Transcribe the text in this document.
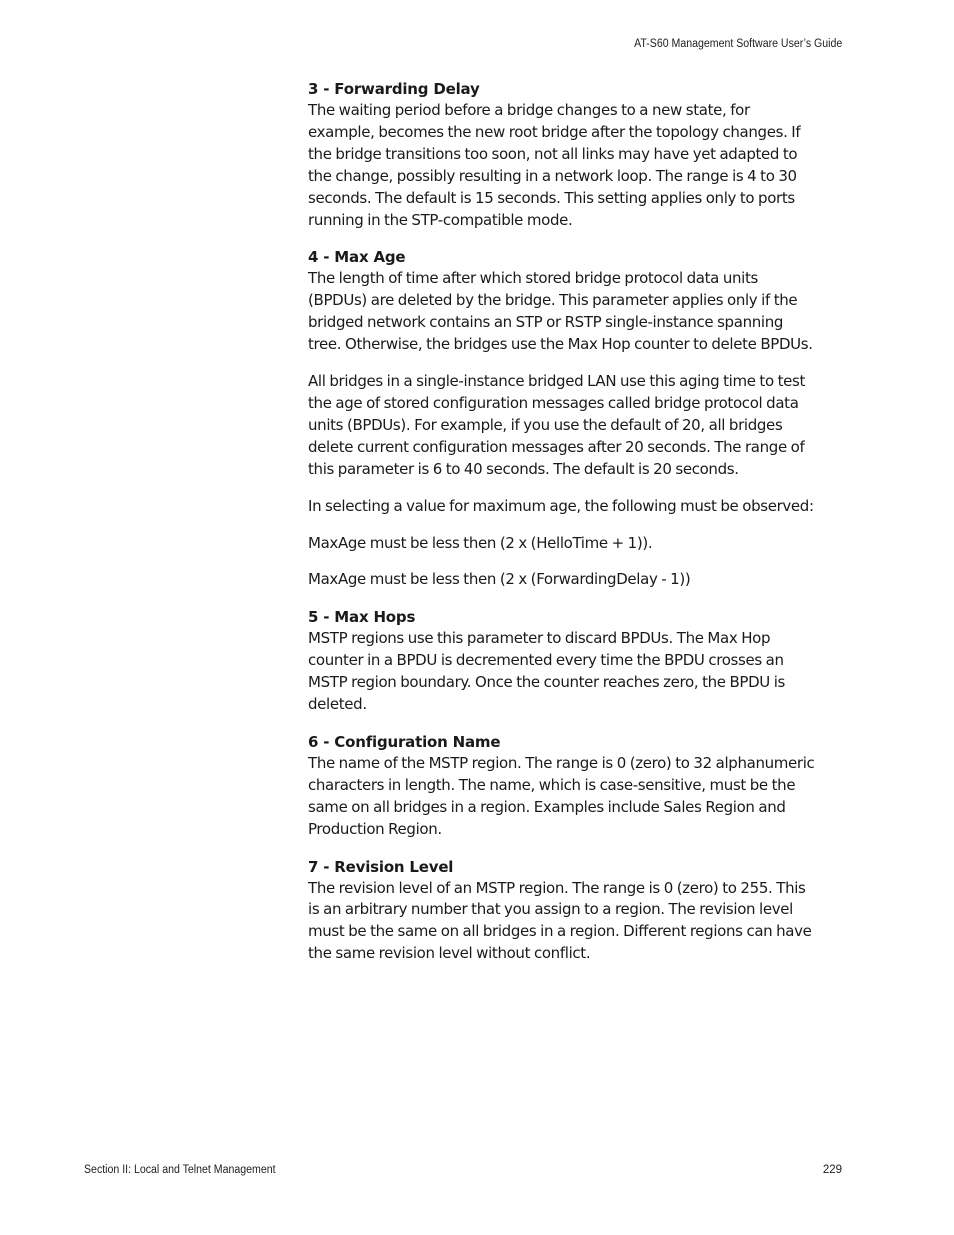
AT-S60 Management Software User’s Guide
3 - Forwarding Delay

The waiting period before a bridge changes to a new state, for example, becomes the new root bridge after the topology changes. If the bridge transitions too soon, not all links may have yet adapted to the change, possibly resulting in a network loop. The range is 4 to 30 seconds. The default is 15 seconds. This setting applies only to ports running in the STP-compatible mode.

4 - Max Age

The length of time after which stored bridge protocol data units (BPDUs) are deleted by the bridge. This parameter applies only if the bridged network contains an STP or RSTP single-instance spanning tree. Otherwise, the bridges use the Max Hop counter to delete BPDUs.

All bridges in a single-instance bridged LAN use this aging time to test the age of stored configuration messages called bridge protocol data units (BPDUs). For example, if you use the default of 20, all bridges delete current configuration messages after 20 seconds. The range of this parameter is 6 to 40 seconds. The default is 20 seconds.

In selecting a value for maximum age, the following must be observed:

MaxAge must be less then (2 x (HelloTime + 1)).

MaxAge must be less then (2 x (ForwardingDelay - 1))

5 - Max Hops

MSTP regions use this parameter to discard BPDUs. The Max Hop counter in a BPDU is decremented every time the BPDU crosses an MSTP region boundary. Once the counter reaches zero, the BPDU is deleted.

6 - Configuration Name

The name of the MSTP region. The range is 0 (zero) to 32 alphanumeric characters in length. The name, which is case-sensitive, must be the same on all bridges in a region. Examples include Sales Region and Production Region.

7 - Revision Level

The revision level of an MSTP region. The range is 0 (zero) to 255. This is an arbitrary number that you assign to a region. The revision level must be the same on all bridges in a region. Different regions can have the same revision level without conflict.

Section II: Local and Telnet Management	229
